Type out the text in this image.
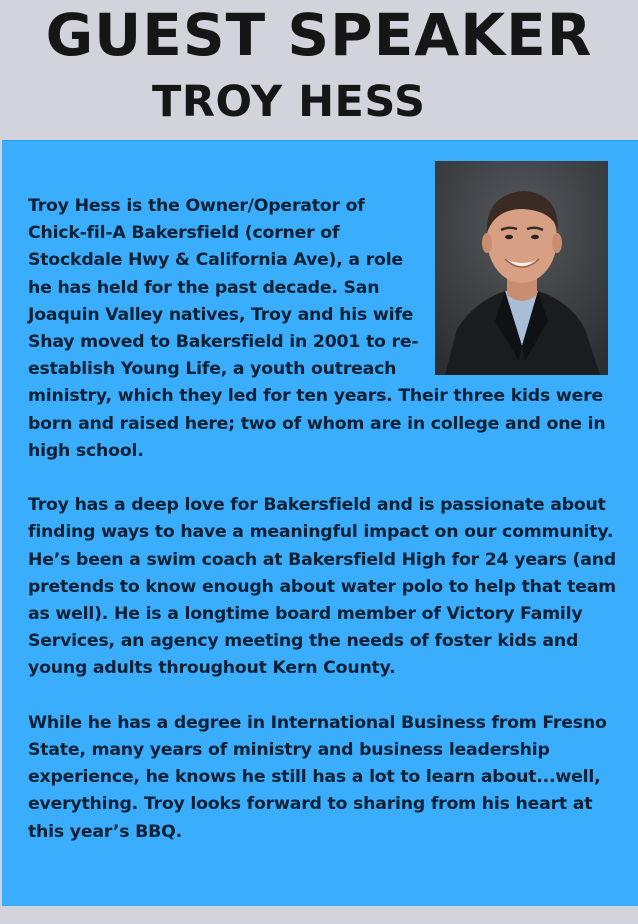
GUEST SPEAKER
TROY HESS

Troy Hess is the Owner/Operator of Chick-fil-A Bakersfield (corner of Stockdale Hwy & California Ave), a role he has held for the past decade. San Joaquin Valley natives, Troy and his wife Shay moved to Bakersfield in 2001 to re-establish Young Life, a youth outreach ministry, which they led for ten years. Their three kids were born and raised here; two of whom are in college and one in high school.

Troy has a deep love for Bakersfield and is passionate about finding ways to have a meaningful impact on our community. He’s been a swim coach at Bakersfield High for 24 years (and pretends to know enough about water polo to help that team as well). He is a longtime board member of Victory Family Services, an agency meeting the needs of foster kids and young adults throughout Kern County.

While he has a degree in International Business from Fresno State, many years of ministry and business leadership experience, he knows he still has a lot to learn about...well, everything. Troy looks forward to sharing from his heart at this year’s BBQ.
